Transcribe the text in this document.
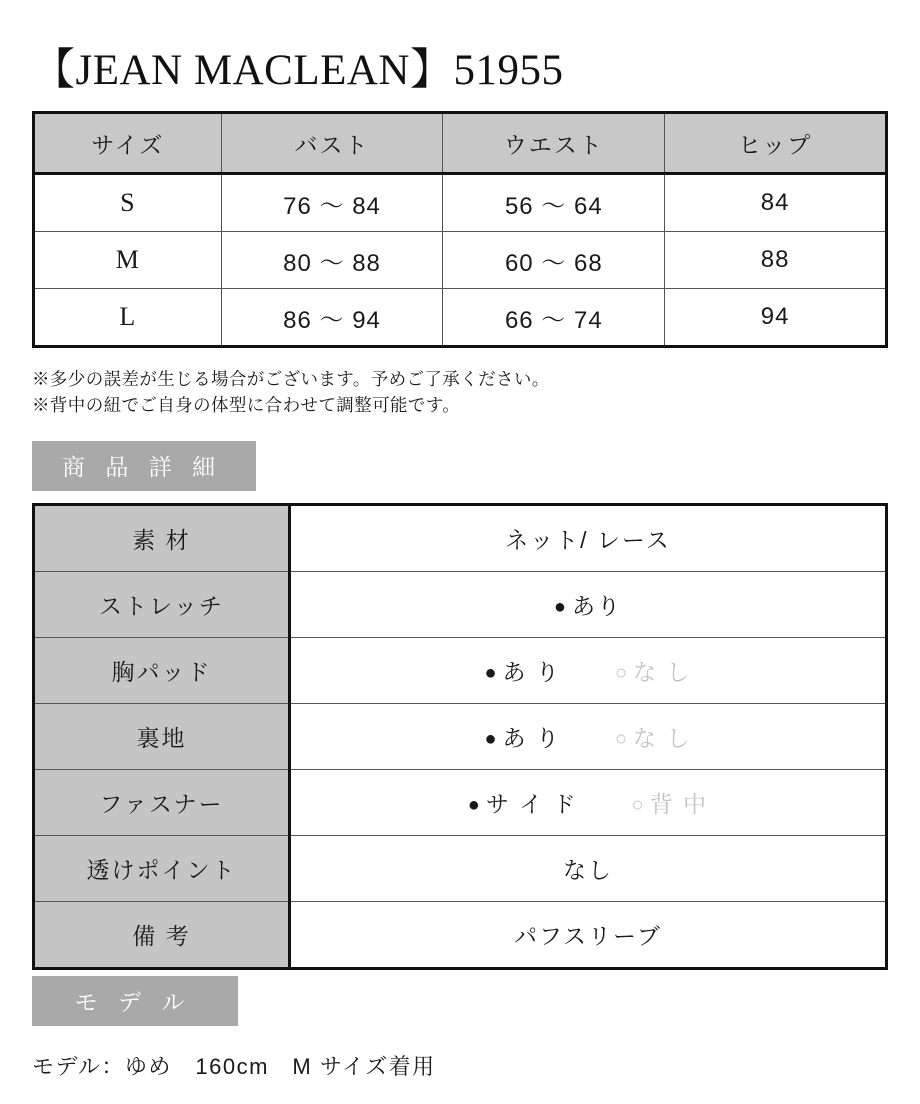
【JEAN MACLEAN】51955
サイズ	バスト	ウエスト	ヒップ
S	76 〜 84	56 〜 64	84
M	80 〜 88	60 〜 68	88
L	86 〜 94	66 〜 74	94
※多少の誤差が生じる場合がございます。予めご了承ください。
※背中の紐でご自身の体型に合わせて調整可能です。
商 品 詳 細
素 材	ネット/ レース
ストレッチ	● あり
胸パッド	● あ り ○ な し

裏地	● あ り ○ な し

ファスナー	● サ イ ド ○ 背 中

透けポイント	なし
備 考	パフスリーブ
モ デ ル
モデル：ゆめ　160cm　M サイズ着用
